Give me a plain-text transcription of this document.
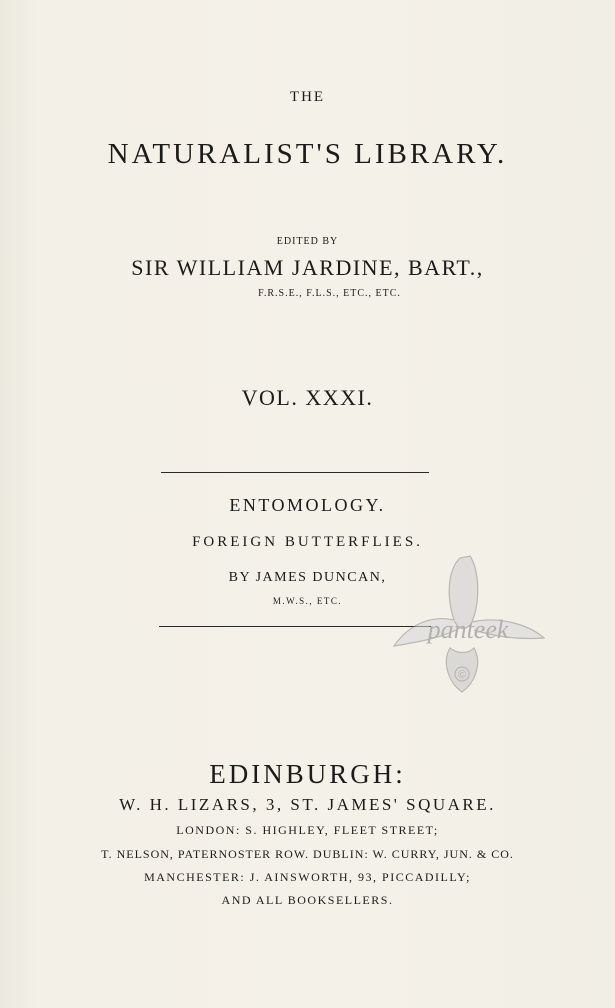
THE
NATURALIST'S LIBRARY.
EDITED BY
SIR WILLIAM JARDINE, BART.,
F.R.S.E., F.L.S., ETC., ETC.
VOL. XXXI.
ENTOMOLOGY.
FOREIGN BUTTERFLIES.
BY JAMES DUNCAN,
M.W.S., ETC.
panteek
©
EDINBURGH:
W. H. LIZARS, 3, ST. JAMES' SQUARE.
LONDON: S. HIGHLEY, FLEET STREET;
T. NELSON, PATERNOSTER ROW. DUBLIN: W. CURRY, JUN. & CO.
MANCHESTER: J. AINSWORTH, 93, PICCADILLY;
AND ALL BOOKSELLERS.
